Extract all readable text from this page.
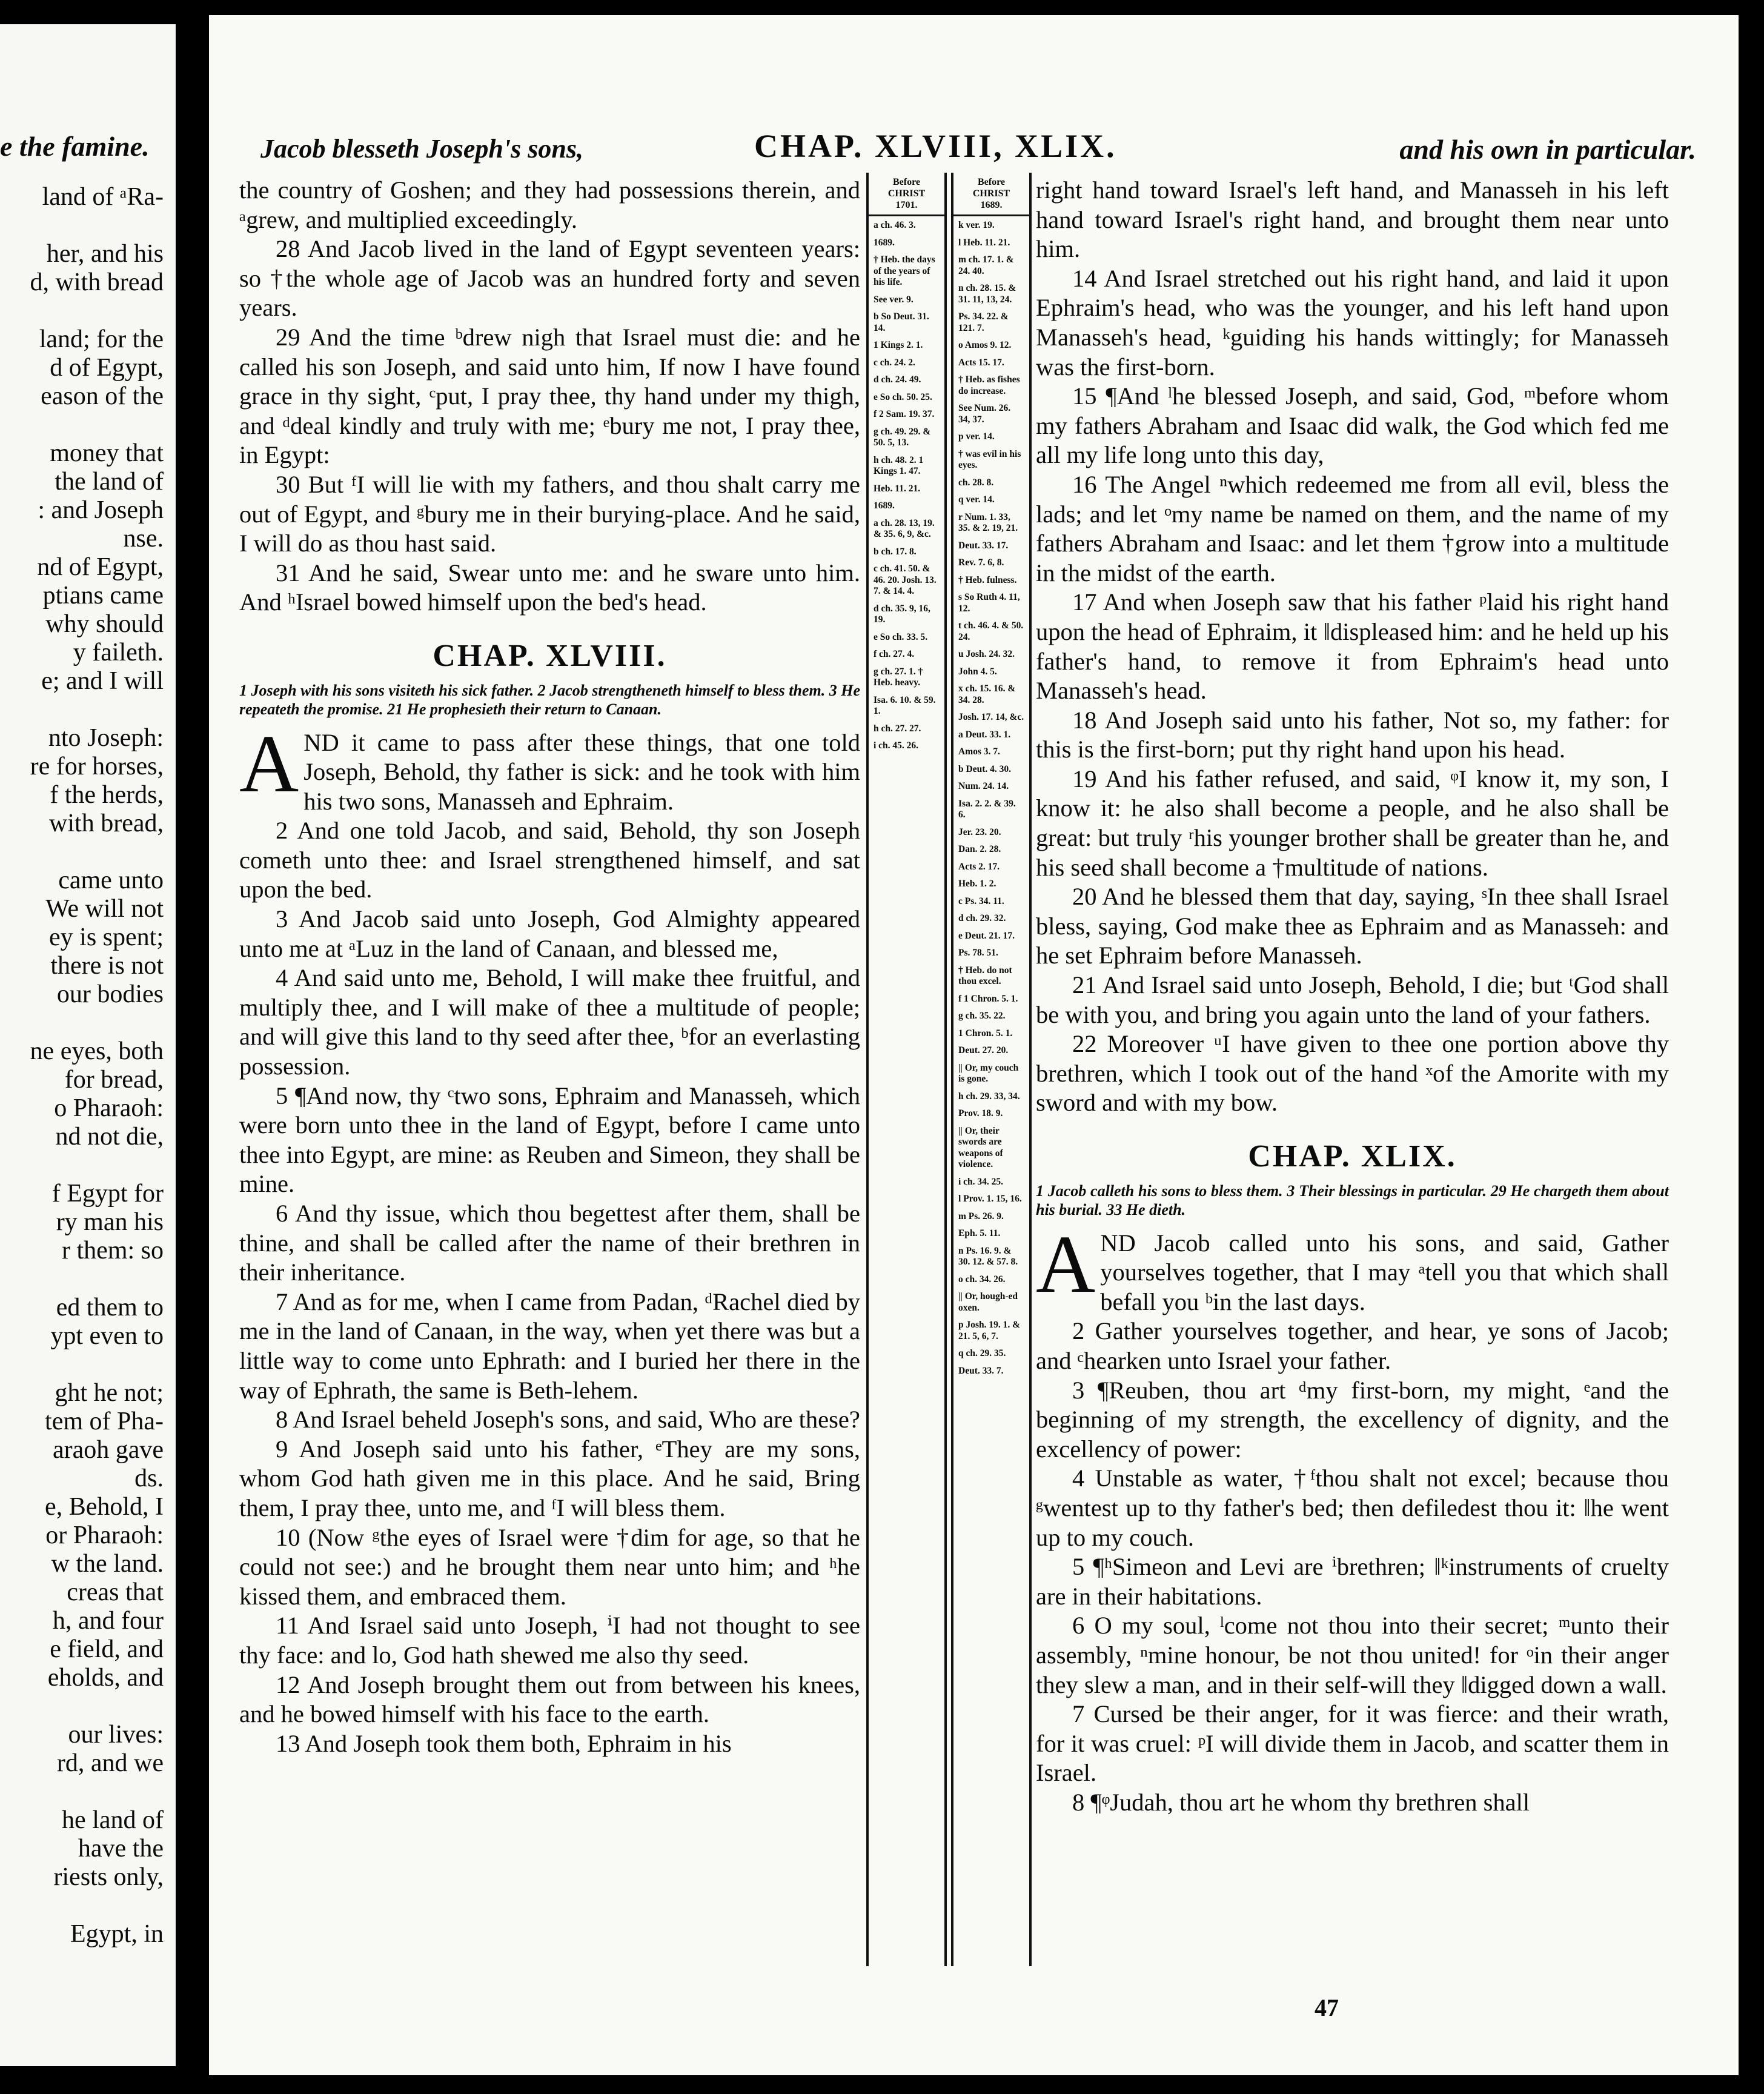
e the famine.
land of ᵃRa-
her, and his
d, with bread
land; for the
d of Egypt,
eason of the
money that
the land of
: and Joseph
nse.
nd of Egypt,
ptians came
why should
y faileth.
e; and I will
nto Joseph:
re for horses,
f the herds,
with bread,
came unto
We will not
ey is spent;
there is not
our bodies
ne eyes, both
for bread,
o Pharaoh:
nd not die,
f Egypt for
ry man his
r them: so
ed them to
ypt even to
ght he not;
tem of Pha-
araoh gave
ds.
e, Behold, I
or Pharaoh:
w the land.
creas that
h, and four
e field, and
eholds, and
our lives:
rd, and we
he land of
have the
riests only,
Egypt, in
Jacob blesseth Joseph's sons,	CHAP. XLVIII, XLIX.	and his own in particular.

the country of Goshen; and they had possessions therein, and ᵃgrew, and multiplied exceedingly.

28 And Jacob lived in the land of Egypt seventeen years: so †the whole age of Jacob was an hundred forty and seven years.

29 And the time ᵇdrew nigh that Israel must die: and he called his son Joseph, and said unto him, If now I have found grace in thy sight, ᶜput, I pray thee, thy hand under my thigh, and ᵈdeal kindly and truly with me; ᵉbury me not, I pray thee, in Egypt:

30 But ᶠI will lie with my fathers, and thou shalt carry me out of Egypt, and ᵍbury me in their burying-place. And he said, I will do as thou hast said.

31 And he said, Swear unto me: and he sware unto him. And ʰIsrael bowed himself upon the bed's head.

CHAP. XLVIII.
1 Joseph with his sons visiteth his sick father. 2 Jacob strengtheneth himself to bless them. 3 He repeateth the promise. 21 He prophesieth their return to Canaan.

AND it came to pass after these things, that one told Joseph, Behold, thy father is sick: and he took with him his two sons, Manasseh and Ephraim.

2 And one told Jacob, and said, Behold, thy son Joseph cometh unto thee: and Israel strengthened himself, and sat upon the bed.

3 And Jacob said unto Joseph, God Almighty appeared unto me at ᵃLuz in the land of Canaan, and blessed me,

4 And said unto me, Behold, I will make thee fruitful, and multiply thee, and I will make of thee a multitude of people; and will give this land to thy seed after thee, ᵇfor an everlasting possession.

5 ¶And now, thy ᶜtwo sons, Ephraim and Manasseh, which were born unto thee in the land of Egypt, before I came unto thee into Egypt, are mine: as Reuben and Simeon, they shall be mine.

6 And thy issue, which thou begettest after them, shall be thine, and shall be called after the name of their brethren in their inheritance.

7 And as for me, when I came from Padan, ᵈRachel died by me in the land of Canaan, in the way, when yet there was but a little way to come unto Ephrath: and I buried her there in the way of Ephrath, the same is Beth-lehem.

8 And Israel beheld Joseph's sons, and said, Who are these?

9 And Joseph said unto his father, ᵉThey are my sons, whom God hath given me in this place. And he said, Bring them, I pray thee, unto me, and ᶠI will bless them.

10 (Now ᵍthe eyes of Israel were †dim for age, so that he could not see:) and he brought them near unto him; and ʰhe kissed them, and embraced them.

11 And Israel said unto Joseph, ⁱI had not thought to see thy face: and lo, God hath shewed me also thy seed.

12 And Joseph brought them out from between his knees, and he bowed himself with his face to the earth.

13 And Joseph took them both, Ephraim in his

Before
CHRIST
1701.
a ch. 46. 3.
1689.
† Heb. the days of the years of his life.
See ver. 9.
b So Deut. 31. 14.
1 Kings 2. 1.
c ch. 24. 2.
d ch. 24. 49.
e So ch. 50. 25.
f 2 Sam. 19. 37.
g ch. 49. 29. & 50. 5, 13.
h ch. 48. 2. 1 Kings 1. 47.
Heb. 11. 21.
1689.
a ch. 28. 13, 19. & 35. 6, 9, &c.
b ch. 17. 8.
c ch. 41. 50. & 46. 20. Josh. 13. 7. & 14. 4.
d ch. 35. 9, 16, 19.
e So ch. 33. 5.
f ch. 27. 4.
g ch. 27. 1. † Heb. heavy.
Isa. 6. 10. & 59. 1.
h ch. 27. 27.
i ch. 45. 26.
Before
CHRIST
1689.
k ver. 19.
l Heb. 11. 21.
m ch. 17. 1. & 24. 40.
n ch. 28. 15. & 31. 11, 13, 24.
Ps. 34. 22. & 121. 7.
o Amos 9. 12.
Acts 15. 17.
† Heb. as fishes do increase.
See Num. 26. 34, 37.
p ver. 14.
† was evil in his eyes.
ch. 28. 8.
q ver. 14.
r Num. 1. 33, 35. & 2. 19, 21.
Deut. 33. 17.
Rev. 7. 6, 8.
† Heb. fulness.
s So Ruth 4. 11, 12.
t ch. 46. 4. & 50. 24.
u Josh. 24. 32.
John 4. 5.
x ch. 15. 16. & 34. 28.
Josh. 17. 14, &c.
a Deut. 33. 1.
Amos 3. 7.
b Deut. 4. 30.
Num. 24. 14.
Isa. 2. 2. & 39. 6.
Jer. 23. 20.
Dan. 2. 28.
Acts 2. 17.
Heb. 1. 2.
c Ps. 34. 11.
d ch. 29. 32.
e Deut. 21. 17.
Ps. 78. 51.
† Heb. do not thou excel.
f 1 Chron. 5. 1.
g ch. 35. 22.
1 Chron. 5. 1.
Deut. 27. 20.
|| Or, my couch is gone.
h ch. 29. 33, 34.
Prov. 18. 9.
|| Or, their swords are weapons of violence.
i ch. 34. 25.
l Prov. 1. 15, 16.
m Ps. 26. 9.
Eph. 5. 11.
n Ps. 16. 9. & 30. 12. & 57. 8.
o ch. 34. 26.
|| Or, hough-ed oxen.
p Josh. 19. 1. & 21. 5, 6, 7.
q ch. 29. 35.
Deut. 33. 7.

right hand toward Israel's left hand, and Manasseh in his left hand toward Israel's right hand, and brought them near unto him.

14 And Israel stretched out his right hand, and laid it upon Ephraim's head, who was the younger, and his left hand upon Manasseh's head, ᵏguiding his hands wittingly; for Manasseh was the first-born.

15 ¶And ˡhe blessed Joseph, and said, God, ᵐbefore whom my fathers Abraham and Isaac did walk, the God which fed me all my life long unto this day,

16 The Angel ⁿwhich redeemed me from all evil, bless the lads; and let ᵒmy name be named on them, and the name of my fathers Abraham and Isaac: and let them †grow into a multitude in the midst of the earth.

17 And when Joseph saw that his father ᵖlaid his right hand upon the head of Ephraim, it ‖displeased him: and he held up his father's hand, to remove it from Ephraim's head unto Manasseh's head.

18 And Joseph said unto his father, Not so, my father: for this is the first-born; put thy right hand upon his head.

19 And his father refused, and said, ᵠI know it, my son, I know it: he also shall become a people, and he also shall be great: but truly ʳhis younger brother shall be greater than he, and his seed shall become a †multitude of nations.

20 And he blessed them that day, saying, ˢIn thee shall Israel bless, saying, God make thee as Ephraim and as Manasseh: and he set Ephraim before Manasseh.

21 And Israel said unto Joseph, Behold, I die; but ᵗGod shall be with you, and bring you again unto the land of your fathers.

22 Moreover ᵘI have given to thee one portion above thy brethren, which I took out of the hand ˣof the Amorite with my sword and with my bow.

CHAP. XLIX.
1 Jacob calleth his sons to bless them. 3 Their blessings in particular. 29 He chargeth them about his burial. 33 He dieth.

AND Jacob called unto his sons, and said, Gather yourselves together, that I may ᵃtell you that which shall befall you ᵇin the last days.

2 Gather yourselves together, and hear, ye sons of Jacob; and ᶜhearken unto Israel your father.

3 ¶Reuben, thou art ᵈmy first-born, my might, ᵉand the beginning of my strength, the excellency of dignity, and the excellency of power:

4 Unstable as water, †ᶠthou shalt not excel; because thou ᵍwentest up to thy father's bed; then defiledest thou it: ‖he went up to my couch.

5 ¶ʰSimeon and Levi are ⁱbrethren; ‖ᵏinstruments of cruelty are in their habitations.

6 O my soul, ˡcome not thou into their secret; ᵐunto their assembly, ⁿmine honour, be not thou united! for ᵒin their anger they slew a man, and in their self-will they ‖digged down a wall.

7 Cursed be their anger, for it was fierce: and their wrath, for it was cruel: ᵖI will divide them in Jacob, and scatter them in Israel.

8 ¶ᵠJudah, thou art he whom thy brethren shall

47
